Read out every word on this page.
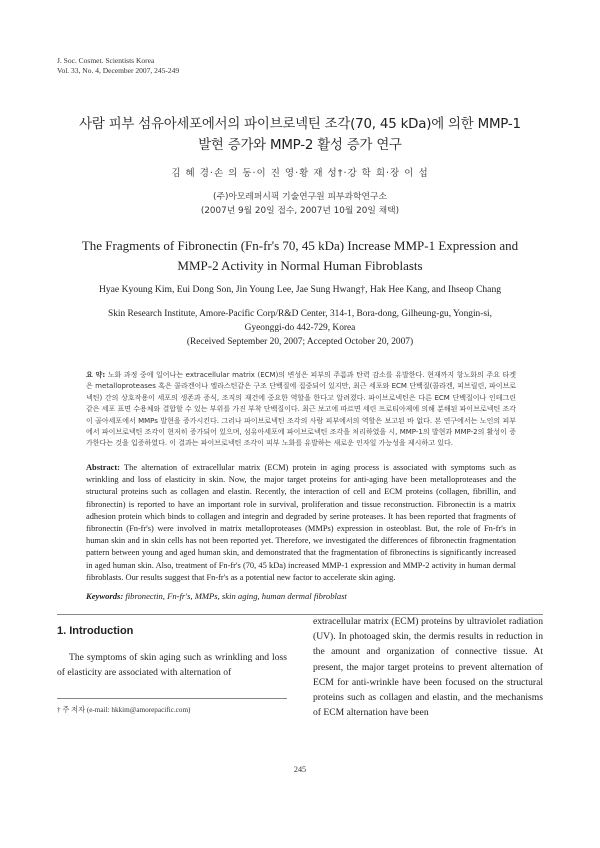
J. Soc. Cosmet. Scientists Korea
Vol. 33, No. 4, December 2007, 245-249
사람 피부 섬유아세포에서의 파이브로넥틴 조각(70, 45 kDa)에 의한 MMP-1
발현 증가와 MMP-2 활성 증가 연구
김 혜 경·손 의 동·이 진 영·황 재 성†·강 학 희·장 이 섭
(주)아모레퍼시픽 기술연구원 피부과학연구소
(2007년 9월 20일 접수, 2007년 10월 20일 채택)
The Fragments of Fibronectin (Fn-fr's 70, 45 kDa) Increase MMP-1 Expression and
MMP-2 Activity in Normal Human Fibroblasts
Hyae Kyoung Kim, Eui Dong Son, Jin Young Lee, Jae Sung Hwang†, Hak Hee Kang, and Ihseop Chang
Skin Research Institute, Amore-Pacific Corp/R&D Center, 314-1, Bora-dong, Gilheung-gu, Yongin-si,
Gyeonggi-do 442-729, Korea
(Received September 20, 2007; Accepted October 20, 2007)

요 약: 노화 과정 중에 일어나는 extracellular matrix (ECM)의 변성은 피부의 주름과 탄력 감소를 유발한다. 현재까지 항노화의 주요 타겟은 metalloproteases 혹은 콜라겐이나 엘라스틴같은 구조 단백질에 집중되어 있지만, 최근 세포와 ECM 단백질(콜라겐, 피브릴린, 파이브로넥틴) 간의 상호작용이 세포의 생존과 증식, 조직의 재건에 중요한 역할을 한다고 알려졌다. 파이브로넥틴은 다른 ECM 단백질이나 인테그린 같은 세포 표면 수용체와 결합할 수 있는 부위를 가진 부착 단백질이다. 최근 보고에 따르면 세린 프로티아제에 의해 분해된 파이브로넥틴 조각이 골아세포에서 MMPs 발현을 증가시킨다. 그러나 파이브로넥틴 조각의 사람 피부에서의 역할은 보고된 바 없다. 본 연구에서는 노인의 피부에서 파이브로넥틴 조각이 현저히 증가되어 있으며, 섬유아세포에 파이브로넥틴 조각을 처리하였을 시, MMP-1의 발현과 MMP-2의 활성이 증가한다는 것을 입증하였다. 이 결과는 파이브로넥틴 조각이 피부 노화를 유발하는 새로운 인자일 가능성을 제시하고 있다.

Abstract: The alternation of extracellular matrix (ECM) protein in aging process is associated with symptoms such as wrinkling and loss of elasticity in skin. Now, the major target proteins for anti-aging have been metalloproteases and the structural proteins such as collagen and elastin. Recently, the interaction of cell and ECM proteins (collagen, fibrillin, and fibronectin) is reported to have an important role in survival, proliferation and tissue reconstruction. Fibronectin is a matrix adhesion protein which binds to collagen and integrin and degraded by serine proteases. It has been reported that fragments of fibronectin (Fn-fr's) were involved in matrix metalloproteases (MMPs) expression in osteoblast. But, the role of Fn-fr's in human skin and in skin cells has not been reported yet. Therefore, we investigated the differences of fibronectin fragmentation pattern between young and aged human skin, and demonstrated that the fragmentation of fibronectins is significantly increased in aged human skin. Also, treatment of Fn-fr's (70, 45 kDa) increased MMP-1 expression and MMP-2 activity in human dermal fibroblasts. Our results suggest that Fn-fr's as a potential new factor to accelerate skin aging.

Keywords: fibronectin, Fn-fr's, MMPs, skin aging, human dermal fibroblast
1. Introduction

The symptoms of skin aging such as wrinkling and loss of elasticity are associated with alternation of

extracellular matrix (ECM) proteins by ultraviolet radiation (UV). In photoaged skin, the dermis results in reduction in the amount and organization of connective tissue. At present, the major target proteins to prevent alternation of ECM for anti-wrinkle have been focused on the structural proteins such as collagen and elastin, and the mechanisms of ECM alternation have been

† 주 저자 (e-mail: hkkim@amorepacific.com)
245
